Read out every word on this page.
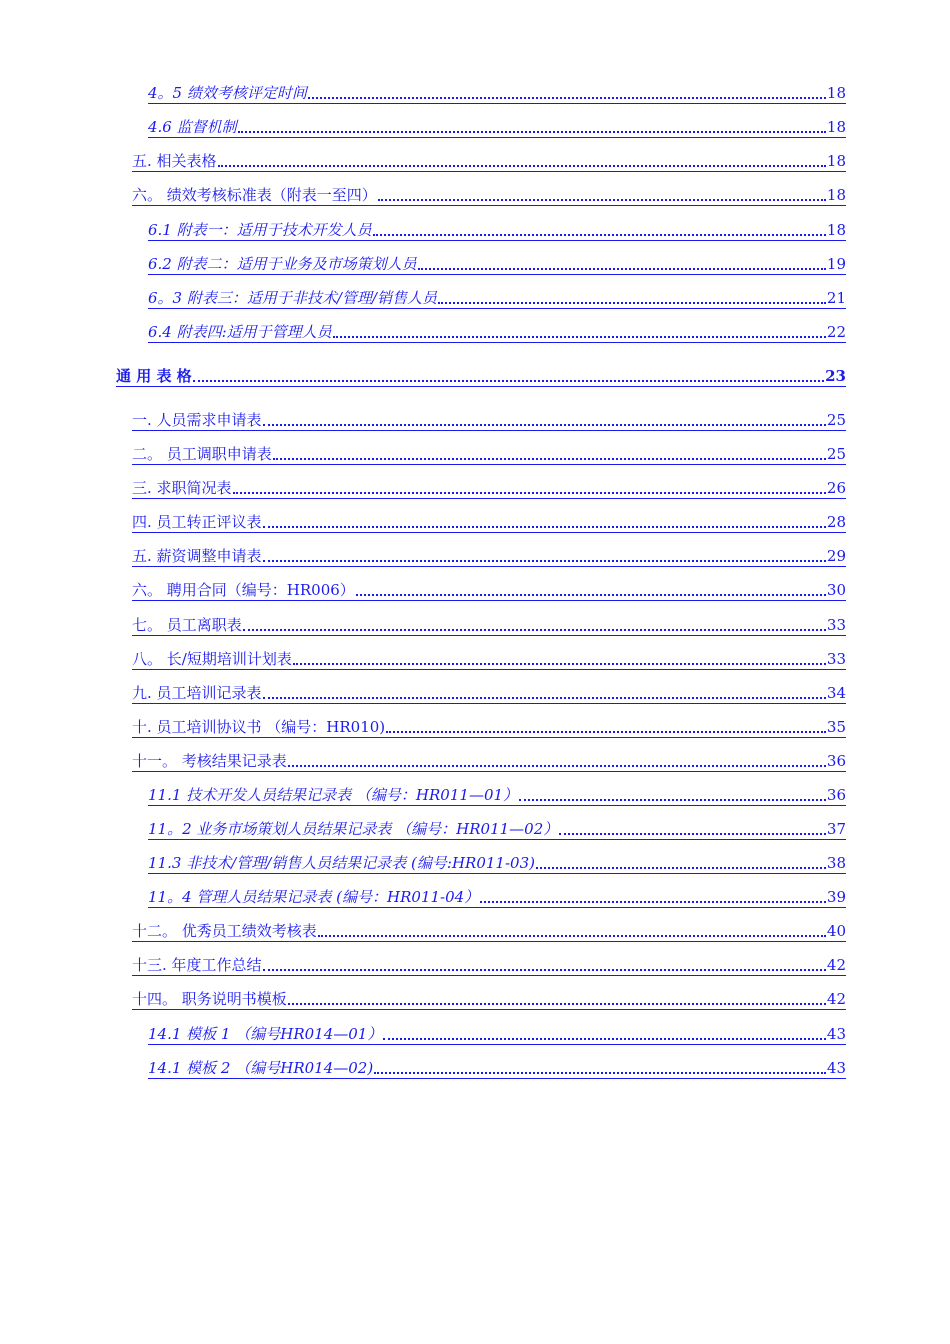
4。5 绩效考核评定时间	18
4.6 监督机制	18
五. 相关表格	18
六。 绩效考核标准表（附表一至四）	18
6.1 附表一：适用于技术开发人员	18
6.2 附表二：适用于业务及市场策划人员	19
6。3 附表三：适用于非技术/管理/销售人员	21
6.4 附表四:适用于管理人员	22
通 用 表 格	23
一. 人员需求申请表	25
二。 员工调职申请表	25
三. 求职简况表	26
四. 员工转正评议表	28
五. 薪资调整申请表	29
六。 聘用合同（编号：HR006）	30
七。 员工离职表	33
八。 长/短期培训计划表	33
九. 员工培训记录表	34
十. 员工培训协议书 （编号：HR010)	35
十一。 考核结果记录表	36
11.1 技术开发人员结果记录表 （编号：HR011—01）	36
11。2 业务市场策划人员结果记录表 （编号：HR011—02）	37
11.3 非技术/管理/销售人员结果记录表 (编号:HR011-03)	38
11。4 管理人员结果记录表 (编号：HR011-04）	39
十二。 优秀员工绩效考核表	40
十三. 年度工作总结	42
十四。 职务说明书模板	42
14.1 模板 1 （编号HR014—01）	43
14.1 模板 2 （编号HR014—02)	43
